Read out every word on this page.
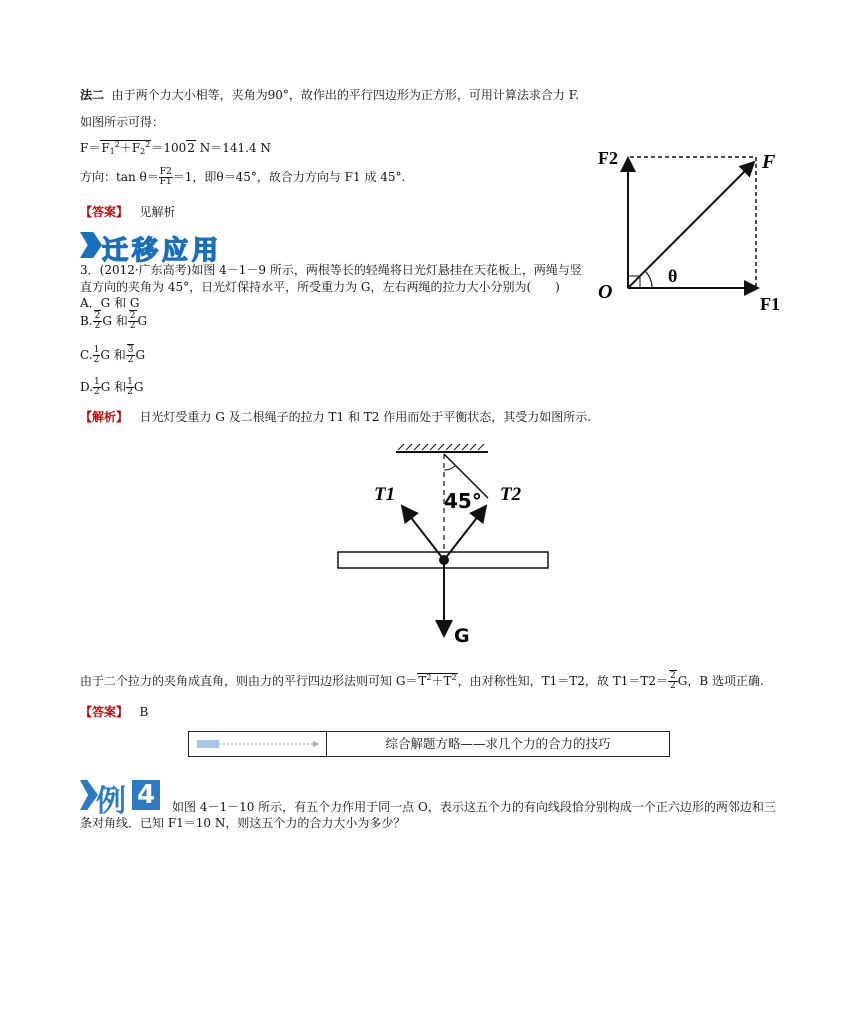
法二 由于两个力大小相等，夹角为90°，故作出的平行四边形为正方形，可用计算法求合力 F.
如图所示可得：
$F=F_1^2+F_2^2=1002$ N＝141.4 N
方向：$\tan \theta= \frac{F2}{F1} =1$，即θ＝45°，故合力方向与 F1 成 45°.
【答案】 见解析
迁移应用
F2	F
O
θ
F1
3．(2012·广东高考)如图 4－1－9 所示，两根等长的轻绳将日光灯悬挂在天花板上，两绳与竖
直方向的夹角为 45°，日光灯保持水平，所受重力为 G，左右两绳的拉力大小分别为(　　)
A．G 和 G
B. $\frac{2}{2}$ G 和 $\frac{2}{2}$ G
C. $\frac{1}{2}$ G 和 $\frac{3}{2}$ G
D. $\frac{1}{2}$ G 和 $\frac{1}{2}$ G
【解析】 日光灯受重力 G 及二根绳子的拉力 T1 和 T2 作用而处于平衡状态，其受力如图所示.
T1 45° T2
G
由于二个拉力的夹角成直角，则由力的平行四边形法则可知 $G=T^2+T^2$，由对称性知，T1＝T2，故 $T1=T2= \frac{2}{2}$ G，B 选项正确.
【答案】 B
综合解题方略——求几个力的合力的技巧
例 4	如图 4－1－10 所示，有五个力作用于同一点 O，表示这五个力的有向线段恰分别构成一个正六边形的两邻边和三
条对角线．已知 F1＝10 N，则这五个力的合力大小为多少？
